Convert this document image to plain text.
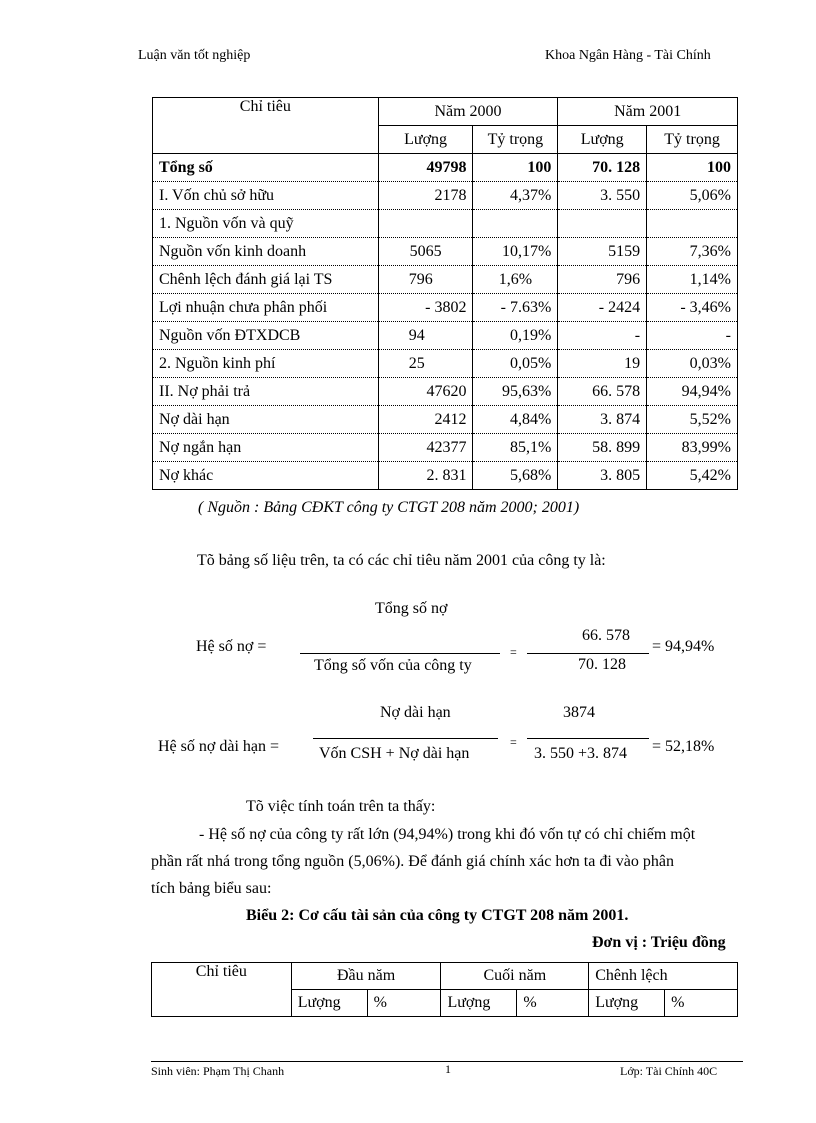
Luận văn tốt nghiệp	Khoa Ngân Hàng - Tài Chính
Chỉ tiêu	Năm 2000		Năm 2001	
	Lượng	Tỷ trọng	Lượng	Tỷ trọng
Tổng số	49798	100	70. 128	100
I. Vốn chủ sở hữu	2178	4,37%	3. 550	5,06%
1. Nguồn vốn và quỹ				
Nguồn vốn kinh doanh	5065	10,17%	5159	7,36%
Chênh lệch đánh giá lại TS	796	1,6%	796	1,14%
Lợi nhuận chưa phân phối	- 3802	- 7.63%	- 2424	- 3,46%
Nguồn vốn ĐTXDCB	94	0,19%	-	-
2. Nguồn kinh phí	25	0,05%	19	0,03%
II. Nợ phải trả	47620	95,63%	66. 578	94,94%
Nợ dài hạn	2412	4,84%	3. 874	5,52%
Nợ ngắn hạn	42377	85,1%	58. 899	83,99%
Nợ khác	2. 831	5,68%	3. 805	5,42%
( Nguồn : Bảng CĐKT công ty CTGT 208 năm 2000; 2001)
Tõ bảng số liệu trên, ta có các chỉ tiêu năm 2001 của công ty là:
Tổng số nợ
Hệ số nợ =
Tổng số vốn của công ty
=
66. 578
70. 128
= 94,94%
Nợ dài hạn	3874
Hệ số nợ dài hạn = Vốn CSH + Nợ dài hạn
=
3. 550 +3. 874 = 52,18%
Tõ việc tính toán trên ta thấy:
- Hệ số nợ của công ty rất lớn (94,94%) trong khi đó vốn tự có chỉ chiếm một
phần rất nhá trong tổng nguồn (5,06%). Để đánh giá chính xác hơn ta đi vào phân
tích bảng biểu sau:
Biểu 2: Cơ cấu tài sản của công ty CTGT 208 năm 2001.
Đơn vị : Triệu đồng
Chỉ tiêu	Đầu năm		Cuối năm		Chênh lệch	
	Lượng	%	Lượng	%	Lượng	%
Sinh viên: Phạm Thị Chanh	1	Lớp: Tài Chính 40C
